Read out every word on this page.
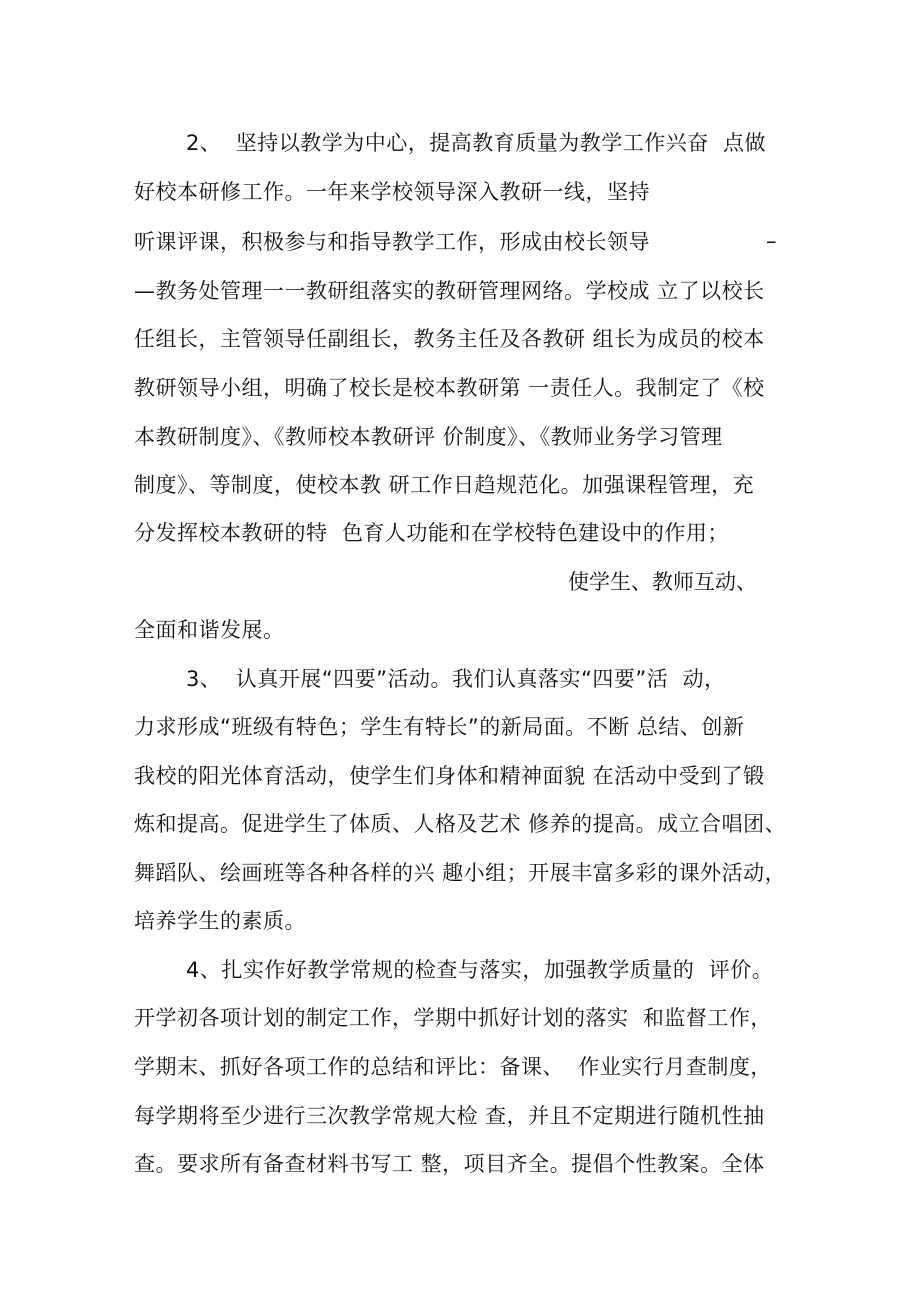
2、  坚持以教学为中心，提高教育质量为教学工作兴奋  点做
好校本研修工作。一年来学校领导深入教研一线，坚持
听课评课，积极参与和指导教学工作，形成由校长领导	–
—教务处管理一一教研组落实的教研管理网络。学校成 立了以校长
任组长，主管领导任副组长，教务主任及各教研 组长为成员的校本
教研领导小组，明确了校长是校本教研第 一责任人。我制定了《校
本教研制度》、《教师校本教研评 价制度》、《教师业务学习管理
制度》、等制度，使校本教 研工作日趋规范化。加强课程管理，充
分发挥校本教研的特  色育人功能和在学校特色建设中的作用；
使学生、教师互动、
全面和谐发展。
3、  认真开展“四要”活动。我们认真落实“四要”活  动，
力求形成“班级有特色；学生有特长”的新局面。不断 总结、创新
我校的阳光体育活动，使学生们身体和精神面貌 在活动中受到了锻
炼和提高。促进学生了体质、人格及艺术 修养的提高。成立合唱团、
舞蹈队、绘画班等各种各样的兴 趣小组；开展丰富多彩的课外活动，
培养学生的素质。
4、扎实作好教学常规的检查与落实，加强教学质量的  评价。
开学初各项计划的制定工作，学期中抓好计划的落实  和监督工作，
学期末、抓好各项工作的总结和评比：备课、  作业实行月查制度，
每学期将至少进行三次教学常规大检 查，并且不定期进行随机性抽
查。要求所有备查材料书写工 整，项目齐全。提倡个性教案。全体
